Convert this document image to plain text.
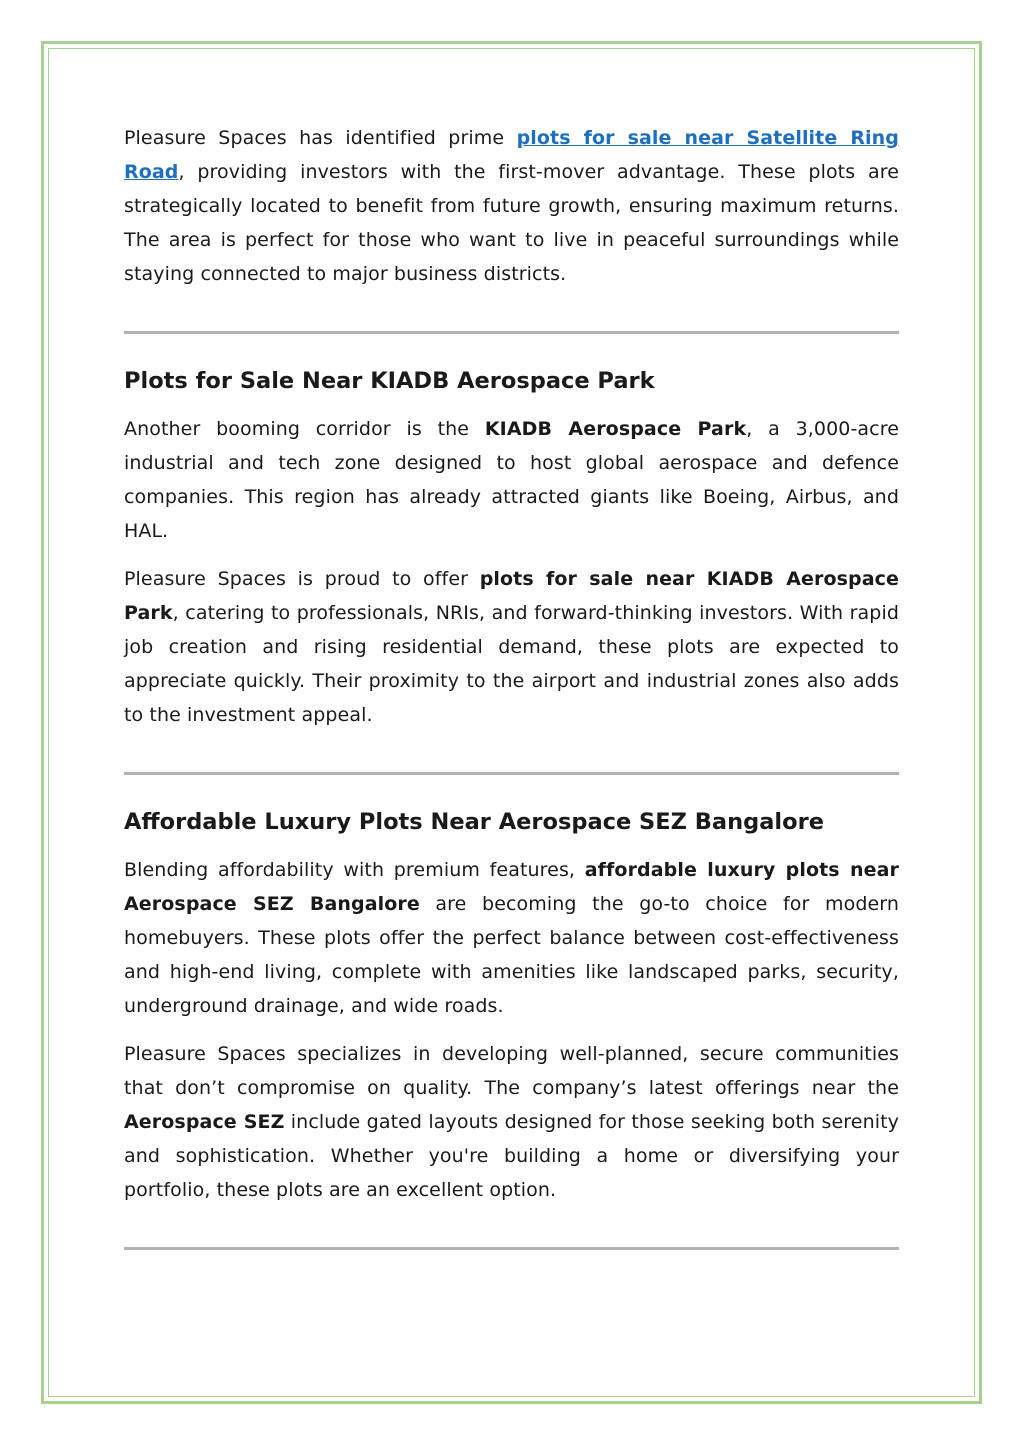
Pleasure Spaces has identified prime plots for sale near Satellite Ring Road, providing investors with the first-mover advantage. These plots are strategically located to benefit from future growth, ensuring maximum returns. The area is perfect for those who want to live in peaceful surroundings while staying connected to major business districts.

Plots for Sale Near KIADB Aerospace Park

Another booming corridor is the KIADB Aerospace Park, a 3,000-acre industrial and tech zone designed to host global aerospace and defence companies. This region has already attracted giants like Boeing, Airbus, and HAL.

Pleasure Spaces is proud to offer plots for sale near KIADB Aerospace Park, catering to professionals, NRIs, and forward-thinking investors. With rapid job creation and rising residential demand, these plots are expected to appreciate quickly. Their proximity to the airport and industrial zones also adds to the investment appeal.

Affordable Luxury Plots Near Aerospace SEZ Bangalore

Blending affordability with premium features, affordable luxury plots near Aerospace SEZ Bangalore are becoming the go-to choice for modern homebuyers. These plots offer the perfect balance between cost-effectiveness and high-end living, complete with amenities like landscaped parks, security, underground drainage, and wide roads.

Pleasure Spaces specializes in developing well-planned, secure communities that don’t compromise on quality. The company’s latest offerings near the Aerospace SEZ include gated layouts designed for those seeking both serenity and sophistication. Whether you're building a home or diversifying your portfolio, these plots are an excellent option.
